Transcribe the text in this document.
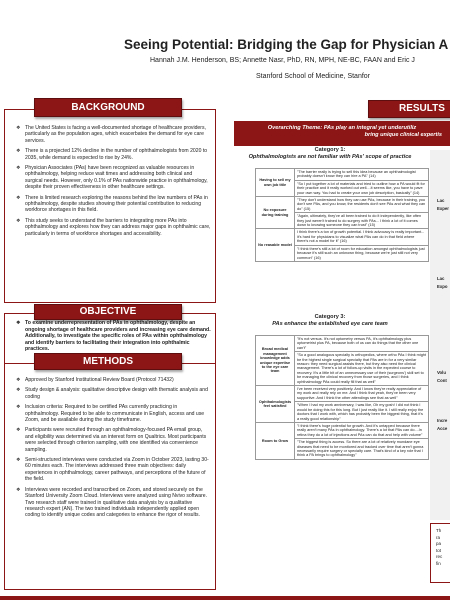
Seeing Potential: Bridging the Gap for Physician A
Hannah J.M. Henderson, BS; Annette Nasr, PhD, RN, MPH, NE-BC, FAAN and Eric J
Stanford School of Medicine, Stanfor
BACKGROUND
❖ The United States is facing a well-documented shortage of healthcare providers, particularly as the population ages, which exacerbates the demand for eye care services.
❖ There is a projected 12% decline in the number of ophthalmologists from 2020 to 2035, while demand is expected to rise by 24%.
❖ Physician Associates (PAs) have been recognized as valuable resources in ophthalmology, helping reduce wait times and addressing both clinical and surgical needs. However, only 0.1% of PAs nationwide practice in ophthalmology, despite their proven effectiveness in other healthcare settings.
❖ There is limited research exploring the reasons behind the low numbers of PAs in ophthalmology, despite studies showing their potential contribution to reducing workforce shortages in this field.
❖ This study seeks to understand the barriers to integrating more PAs into ophthalmology and explores how they can address major gaps in ophthalmic care, particularly in terms of workforce shortages and accessibility.
OBJECTIVE
❖ To examine underrepresentation of PAs in ophthalmology, despite an ongoing shortage of healthcare providers and increasing eye care demand. Additionally, to investigate the specific roles of PAs within ophthalmology and identify barriers to facilitating their integration into ophthalmic practices.
METHODS
❖ Approved by Stanford Institutional Review Board (Protocol 71432)
❖ Study design & analysis: qualitative descriptive design with thematic analysis and coding
❖ Inclusion criteria: Required to be certified PAs currently practicing in ophthalmology. Required to be able to communicate in English, access and use Zoom, and be available during the study timeframe.
❖ Participants were recruited through an ophthalmology-focused PA email group, and eligibility was determined via an interest form on Qualtrics. Most participants were selected through criterion sampling, with one identified via convenience sampling.
❖ Semi-structured interviews were conducted via Zoom in October 2023, lasting 30-60 minutes each. The interviews addressed three main objectives: daily experiences in ophthalmology, career pathways, and perceptions of the future of the field.
❖ Interviews were recorded and transcribed on Zoom, and stored securely on the Stanford University Zoom Cloud. Interviews were analyzed using Nvivo software. Two research staff were trained in qualitative data analysis by a qualitative research expert (AN). The two trained individuals independently applied open coding to identify unique codes and categories to enhance the rigor of results.
RESULTS
Overarching Theme: PAs play an integral yet underutiliz
bring unique clinical expertis
Category 1:
Ophthalmologists are not familiar with PAs' scope of practice
Having to sell my own job title	"The barrier really is trying to sell this idea because an ophthalmologist probably doesn't know they can hire a PA" (14)
	"So I put together a lot of materials and tried to outline how a PA would fit for their practice and it really worked out well....it seems like, you have to pave your own way. You had to create your own job description, basically" (14)
No exposure during training	"They don't understand how they can use PAs, because in their training, you don't see PAs, and you know, the residents don't see PAs and what they can do" (15)
	"Again, ultimately, they've all been trained to do it independently, like often they just weren't trained to do surgery with PAs... I think a lot of it comes down to knowing someone they can trust" (15)
No reasable model	I think there's a ton of growth potential. I think advocacy is really important... it's hard for physicians to visualize what PAs can do in that field where there's not a model for it" (16)
	"I think there's still a lot of room for education amongst ophthalmologists just because it's still such an unknown thing, because we're just still not very common" (16)
Category 3:
PAs enhance the established eye care team
Broad medical management knowledge adds unique expertise to the eye care team	"It's not versus. It's not optometry versus PA, it's ophthalmology plus optometrist plus PA, because both of us can do things that the other one can't"
	"So a good analogous specialty is orthopedics, where ortho PAs I think might be the highest single surgical specialty that PAs are in for a very similar reason: they need surgical assists there, but they also need the clinical management. There's a lot of follow-up visits in the expected course to recovery. It's a little bit of an unnecessary use of their (surgeons') skill set to be managing the clinical recovery from those surgeries, and I think ophthalmology PAs could really fill that as well"
Ophthalmologists feel satisfied	I've been received very positively. And I know they're really appreciative of my work and really rely on me. And I think that yeah, they've been very supportive. And I think the other attendings see that as well"
	"When I had my work anniversary, I was like, Oh my gosh! I did not think I would be doing this for this long. But I just really like it. I still really enjoy the doctors that I work with, which has probably been the biggest thing, that it's a really good relationship"
Room to Grow	"I think there's huge potential for growth. And it's untapped because there really aren't many PAs in ophthalmology. There's a lot that PAs can do....In retina they do a lot of injections and PAs can do that and help with volume"
	"The biggest thing is access. So there are a lot of relatively mundane eye diseases that need to be monitored and tracked over time that aren't gonna necessarily require surgery or specialty care. That's kind of a key role that I think a PA brings to ophthalmology"
Lac
Exper
Lac
Expo
Volu
Cont
Incre
Acce
Th
ra
pa
tot
rec
fin
